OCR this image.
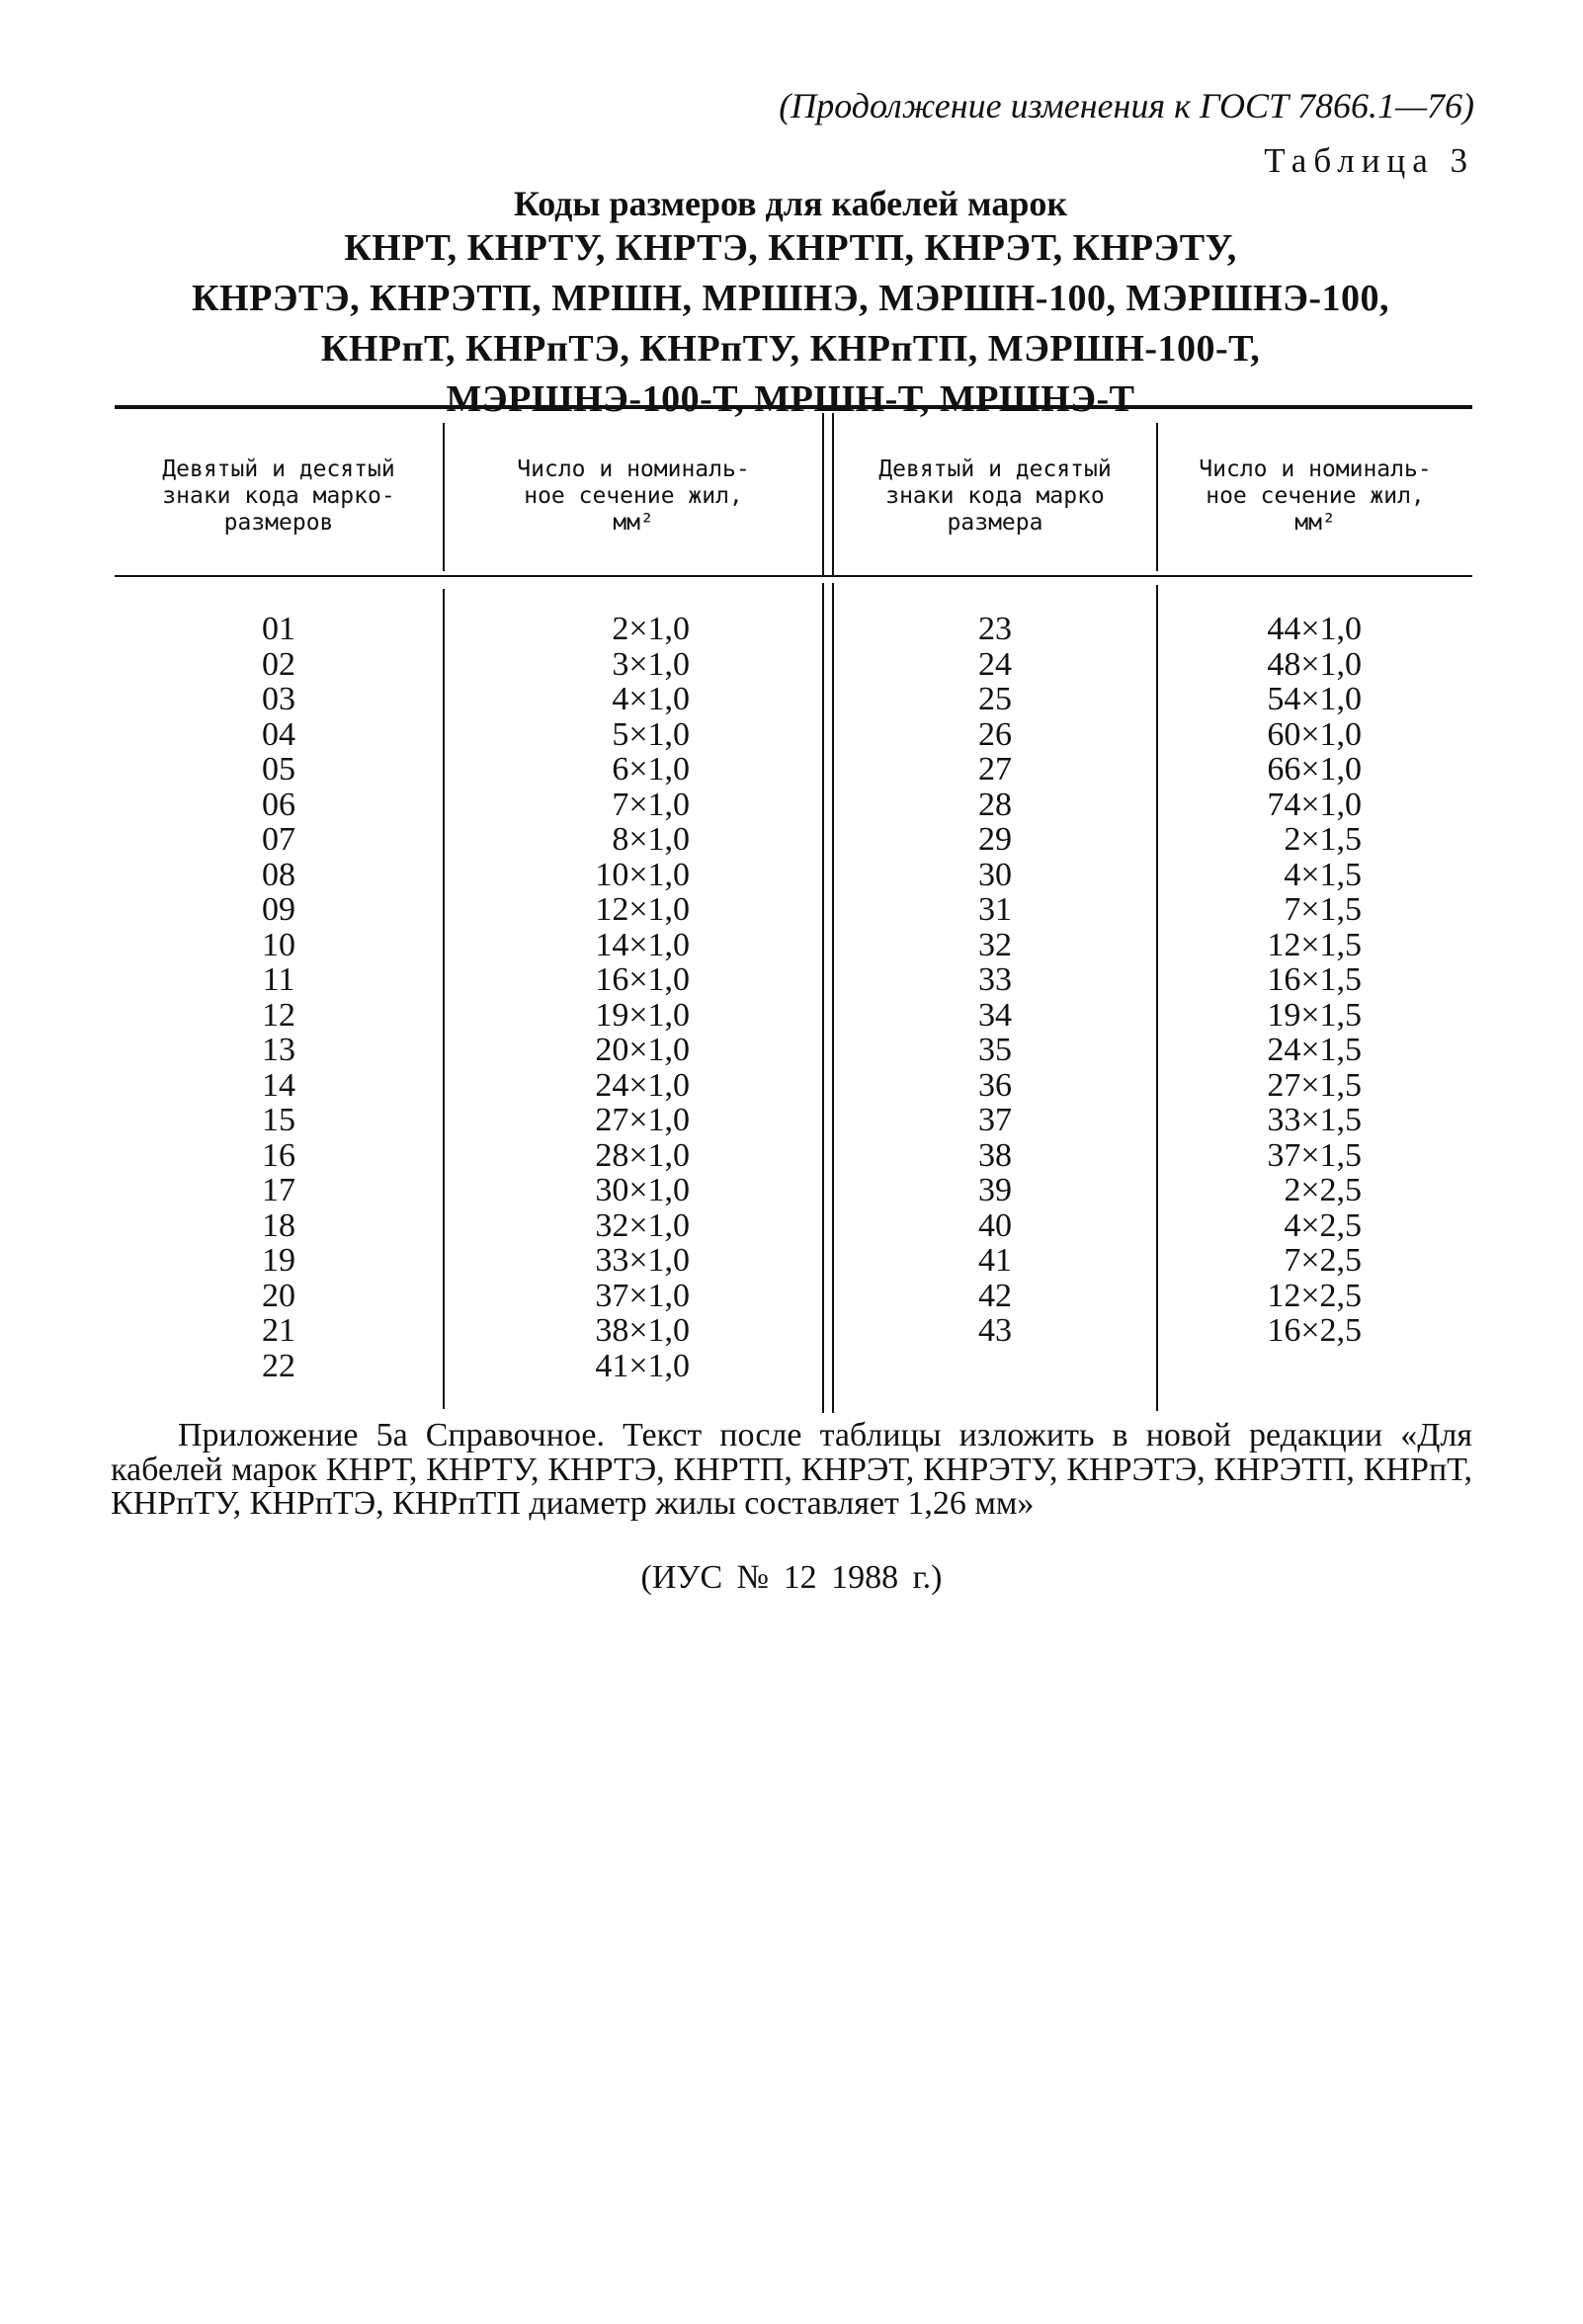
(Продолжение изменения к ГОСТ 7866.1—76)
Таблица 3
Коды размеров для кабелей марок
КНРТ, КНРТУ, КНРТЭ, КНРТП, КНРЭТ, КНРЭТУ,
КНРЭТЭ, КНРЭТП, МРШН, МРШНЭ, МЭРШН-100, МЭРШНЭ-100,
КНРпТ, КНРпТЭ, КНРпТУ, КНРпТП, МЭРШН-100-Т,
МЭРШНЭ-100-Т, МРШН-Т, МРШНЭ-Т
Девятый и десятый
знаки кода марко-
размеров
Число и номиналь-
ное сечение жил,
мм²
Девятый и десятый
знаки кода марко
размера
Число и номиналь-
ное сечение жил,
мм²
01
02
03
04
05
06
07
08
09
10
11
12
13
14
15
16
17
18
19
20
21
22
2×1,0
3×1,0
4×1,0
5×1,0
6×1,0
7×1,0
8×1,0
10×1,0
12×1,0
14×1,0
16×1,0
19×1,0
20×1,0
24×1,0
27×1,0
28×1,0
30×1,0
32×1,0
33×1,0
37×1,0
38×1,0
41×1,0
23
24
25
26
27
28
29
30
31
32
33
34
35
36
37
38
39
40
41
42
43
44×1,0
48×1,0
54×1,0
60×1,0
66×1,0
74×1,0
2×1,5
4×1,5
7×1,5
12×1,5
16×1,5
19×1,5
24×1,5
27×1,5
33×1,5
37×1,5
2×2,5
4×2,5
7×2,5
12×2,5
16×2,5

Приложение 5а Справочное. Текст после таблицы изложить в новой редакции «Для кабелей марок КНРТ, КНРТУ, КНРТЭ, КНРТП, КНРЭТ, КНРЭТУ, КНРЭТЭ, КНРЭТП, КНРпТ, КНРпТУ, КНРпТЭ, КНРпТП диаметр жилы составляет 1,26 мм»

(ИУС № 12 1988 г.)
